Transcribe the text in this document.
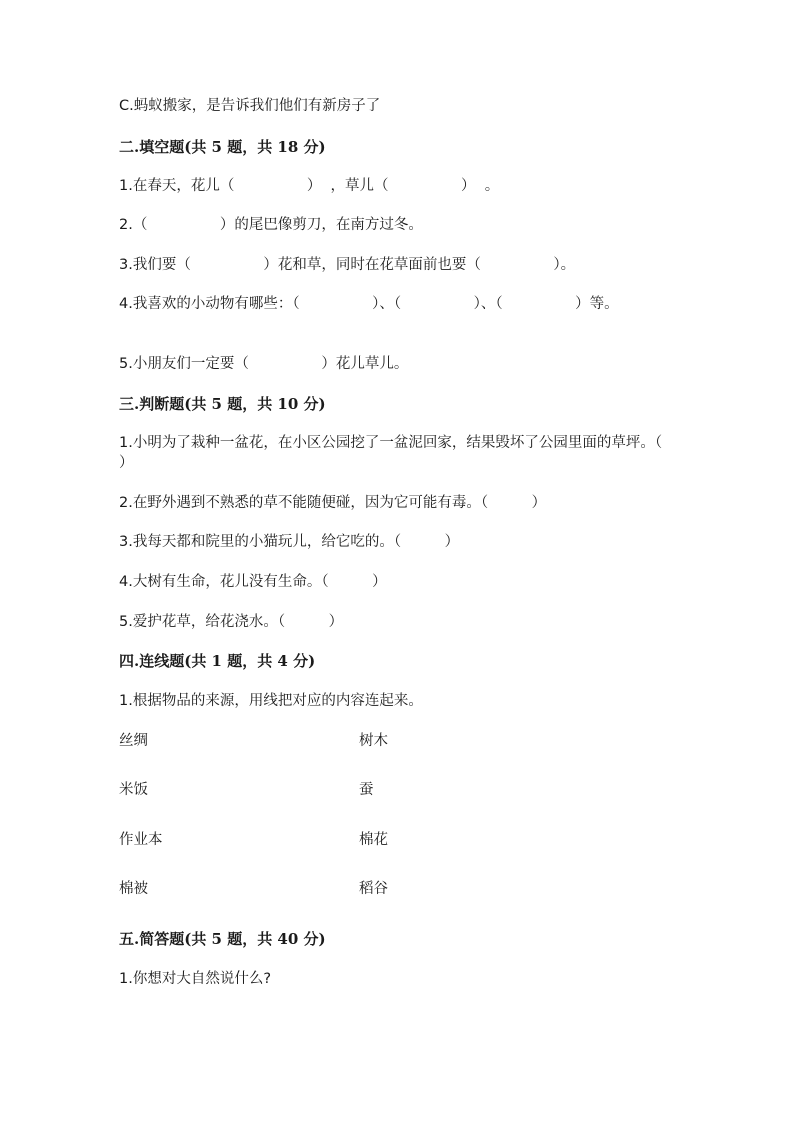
C.蚂蚁搬家，是告诉我们他们有新房子了
二.填空题(共 5 题，共 18 分)
1.在春天，花儿（　　　　　）  ，草儿（　　　　　）  。
2.（　　　　　）的尾巴像剪刀，在南方过冬。
3.我们要（　　　　　）花和草，同时在花草面前也要（　　　　　）。
4.我喜欢的小动物有哪些：（　　　　　）、（　　　　　）、（　　　　　）等。
5.小朋友们一定要（　　　　　）花儿草儿。
三.判断题(共 5 题，共 10 分)
1.小明为了栽种一盆花，在小区公园挖了一盆泥回家，结果毁坏了公园里面的草坪。（　　　）
2.在野外遇到不熟悉的草不能随便碰，因为它可能有毒。（　　　）
3.我每天都和院里的小猫玩儿，给它吃的。（　　　）
4.大树有生命，花儿没有生命。（　　　）
5.爱护花草，给花浇水。（　　　）
四.连线题(共 1 题，共 4 分)
1.根据物品的来源，用线把对应的内容连起来。
丝绸
米饭
作业本
棉被
树木
蚕
棉花
稻谷
五.简答题(共 5 题，共 40 分)
1.你想对大自然说什么?
